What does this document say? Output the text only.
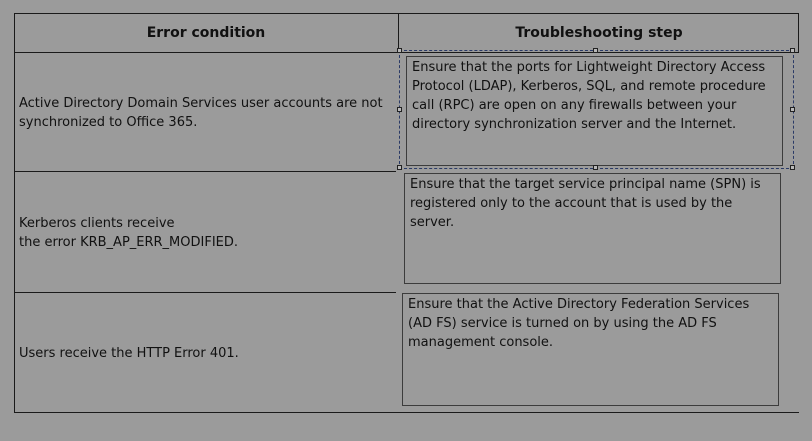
Error condition	Troubleshooting step
Active Directory Domain Services user accounts are not synchronized to Office 365.
Ensure that the ports for Lightweight Directory Access Protocol (LDAP), Kerberos, SQL, and remote procedure call (RPC) are open on any firewalls between your directory synchronization server and the Internet.
Kerberos clients receive
the error KRB_AP_ERR_MODIFIED.
Ensure that the target service principal name (SPN) is registered only to the account that is used by the server.
Users receive the HTTP Error 401.
Ensure that the Active Directory Federation Services (AD FS) service is turned on by using the AD FS management console.
